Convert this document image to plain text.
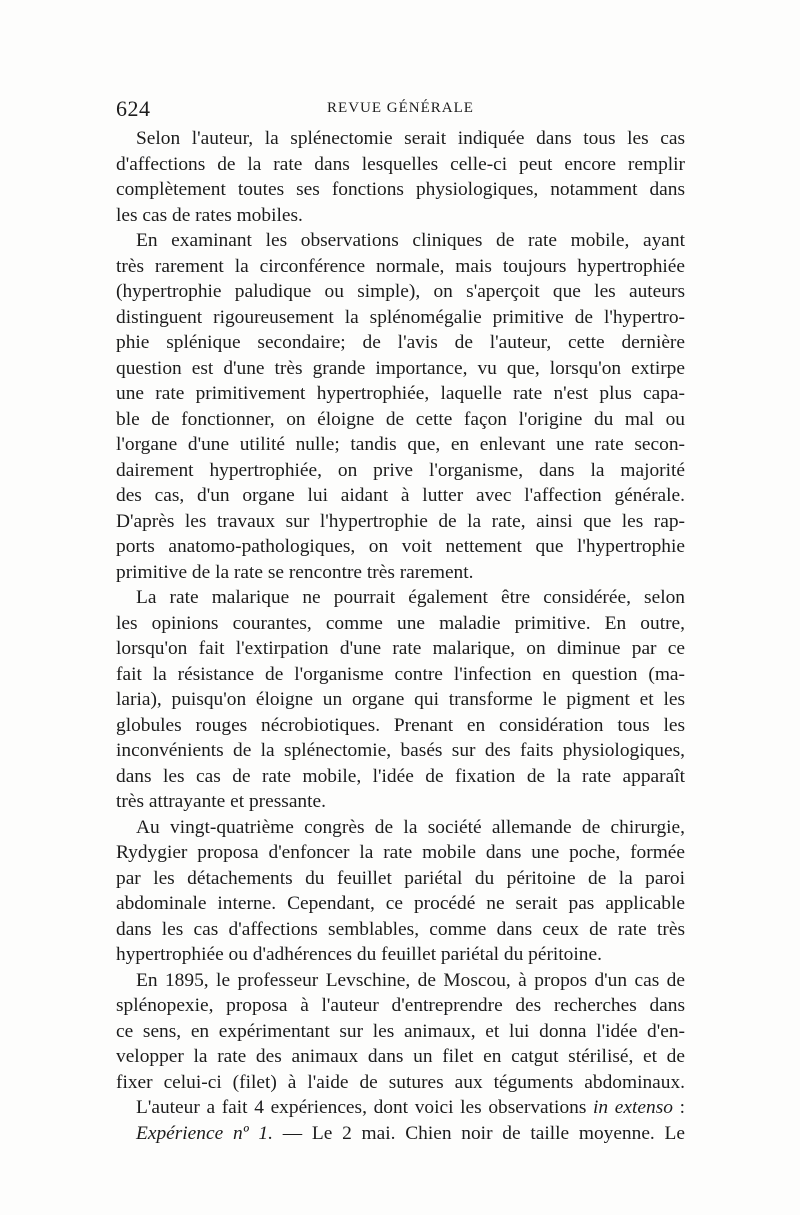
624	REVUE GÉNÉRALE
Selon l'auteur, la splénectomie serait indiquée dans tous les cas
d'affections de la rate dans lesquelles celle-ci peut encore remplir
complètement toutes ses fonctions physiologiques, notamment dans
les cas de rates mobiles.
En examinant les observations cliniques de rate mobile, ayant
très rarement la circonférence normale, mais toujours hypertrophiée
(hypertrophie paludique ou simple), on s'aperçoit que les auteurs
distinguent rigoureusement la splénomégalie primitive de l'hypertro-
phie splénique secondaire; de l'avis de l'auteur, cette dernière
question est d'une très grande importance, vu que, lorsqu'on extirpe
une rate primitivement hypertrophiée, laquelle rate n'est plus capa-
ble de fonctionner, on éloigne de cette façon l'origine du mal ou
l'organe d'une utilité nulle; tandis que, en enlevant une rate secon-
dairement hypertrophiée, on prive l'organisme, dans la majorité
des cas, d'un organe lui aidant à lutter avec l'affection générale.
D'après les travaux sur l'hypertrophie de la rate, ainsi que les rap-
ports anatomo-pathologiques, on voit nettement que l'hypertrophie
primitive de la rate se rencontre très rarement.
La rate malarique ne pourrait également être considérée, selon
les opinions courantes, comme une maladie primitive. En outre,
lorsqu'on fait l'extirpation d'une rate malarique, on diminue par ce
fait la résistance de l'organisme contre l'infection en question (ma-
laria), puisqu'on éloigne un organe qui transforme le pigment et les
globules rouges nécrobiotiques. Prenant en considération tous les
inconvénients de la splénectomie, basés sur des faits physiologiques,
dans les cas de rate mobile, l'idée de fixation de la rate apparaît
très attrayante et pressante.
Au vingt-quatrième congrès de la société allemande de chirurgie,
Rydygier proposa d'enfoncer la rate mobile dans une poche, formée
par les détachements du feuillet pariétal du péritoine de la paroi
abdominale interne. Cependant, ce procédé ne serait pas applicable
dans les cas d'affections semblables, comme dans ceux de rate très
hypertrophiée ou d'adhérences du feuillet pariétal du péritoine.
En 1895, le professeur Levschine, de Moscou, à propos d'un cas de
splénopexie, proposa à l'auteur d'entreprendre des recherches dans
ce sens, en expérimentant sur les animaux, et lui donna l'idée d'en-
velopper la rate des animaux dans un filet en catgut stérilisé, et de
fixer celui-ci (filet) à l'aide de sutures aux téguments abdominaux.
L'auteur a fait 4 expériences, dont voici les observations in extenso :
Expérience nº 1. — Le 2 mai. Chien noir de taille moyenne. Le
